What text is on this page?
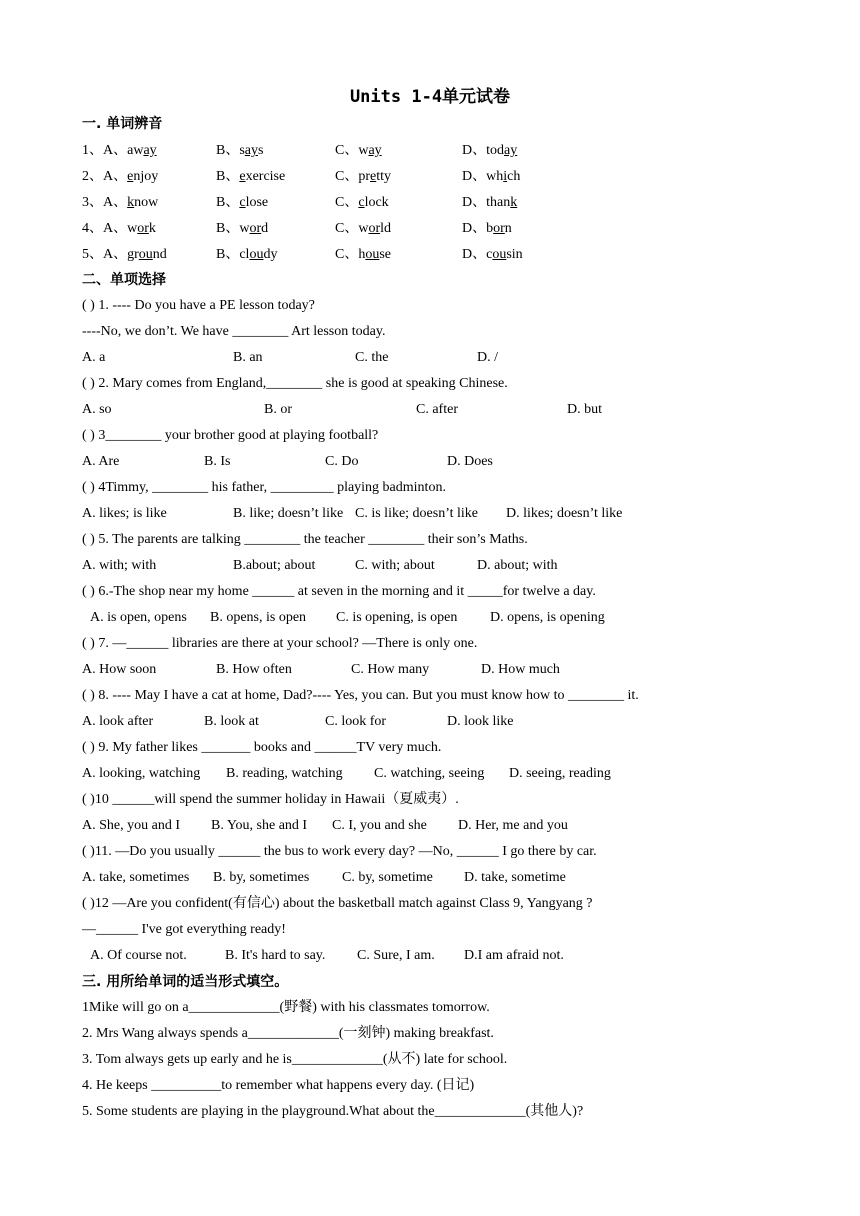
Units 1-4单元试卷
一. 单词辨音
1、A、away	B、says	C、way	D、today
2、A、enjoy	B、exercise	C、pretty	D、which
3、A、know	B、close	C、clock	D、thank
4、A、work	B、word	C、world	D、born
5、A、ground	B、cloudy	C、house	D、cousin
二、单项选择
( ) 1. ---- Do you have a PE lesson today?
----No, we don’t. We have ________ Art lesson today.
A. a	B. an	C. the	D. /
( ) 2. Mary comes from England,________ she is good at speaking Chinese.
A. so	B. or	C. after	D. but
( ) 3________ your brother good at playing football?
A. Are	B. Is	C. Do	D. Does
( ) 4Timmy, ________ his father, _________ playing badminton.
A. likes; is like	B. like; doesn’t like C. is like; doesn’t like D. likes; doesn’t like
( ) 5. The parents are talking ________ the teacher ________ their son’s Maths.
A. with; with	B.about; about	C. with; about	D. about; with
( ) 6.-The shop near my home ______ at seven in the morning and it _____for twelve a day.
A. is open, opens B. opens, is open C. is opening, is open D. opens, is opening
( ) 7. —______ libraries are there at your school? —There is only one.
A. How soon	B. How often	C. How many	D. How much
( ) 8. ---- May I have a cat at home, Dad?---- Yes, you can. But you must know how to ________ it.
A. look after	B. look at	C. look for	D. look like
( ) 9. My father likes _______ books and ______TV very much.
A. looking, watching B. reading, watching C. watching, seeing D. seeing, reading
( )10 ______will spend the summer holiday in Hawaii（夏威夷）.
A. She, you and I B. You, she and I C. I, you and she D. Her, me and you
( )11. —Do you usually ______ the bus to work every day? —No, ______ I go there by car.
A. take, sometimes B. by, sometimes C. by, sometime D. take, sometime
( )12 —Are you confident(有信心) about the basketball match against Class 9, Yangyang ?
—______ I've got everything ready!
A. Of course not.	B. It's hard to say. C. Sure, I am. D.I am afraid not.
三. 用所给单词的适当形式填空。
1Mike will go on a_____________(野餐) with his classmates tomorrow.
2. Mrs Wang always spends a_____________(一刻钟) making breakfast.
3. Tom always gets up early and he is_____________(从不) late for school.
4. He keeps __________to remember what happens every day. (日记)
5. Some students are playing in the playground.What about the_____________(其他人)?
